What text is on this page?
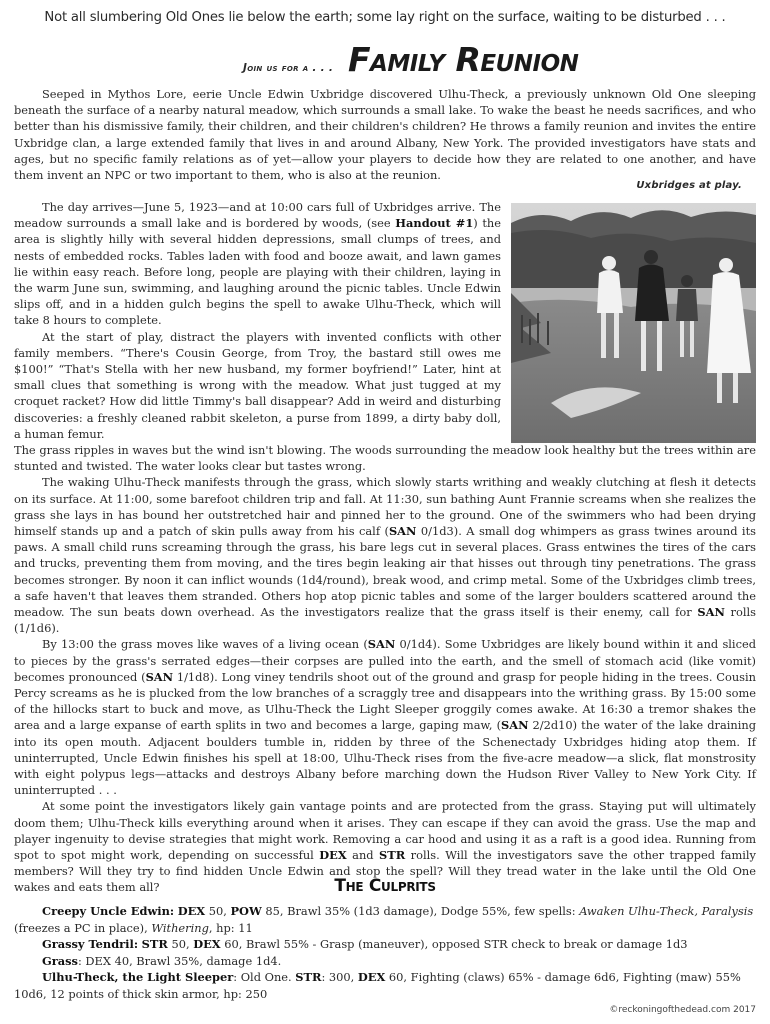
Not all slumbering Old Ones lie below the earth; some lay right on the surface, waiting to be disturbed . . .
Join us for a . . . Family Reunion

Seeped in Mythos Lore, eerie Uncle Edwin Uxbridge discovered Ulhu-Theck, a previously unknown Old One sleeping beneath the surface of a nearby natural meadow, which surrounds a small lake. To wake the beast he needs sacrifices, and who better than his dismissive family, their children, and their children's children? He throws a family reunion and invites the entire Uxbridge clan, a large extended family that lives in and around Albany, New York. The provided investigators have stats and ages, but no specific family relations as of yet—allow your players to decide how they are related to one another, and have them invent an NPC or two important to them, who is also at the reunion.

Uxbridges at play.

The day arrives—June 5, 1923—and at 10:00 cars full of Uxbridges arrive. The meadow surrounds a small lake and is bordered by woods, (see Handout #1) the area is slightly hilly with several hidden depressions, small clumps of trees, and nests of embedded rocks. Tables laden with food and booze await, and lawn games lie within easy reach. Before long, people are playing with their children, laying in the warm June sun, swimming, and laughing around the picnic tables. Uncle Edwin slips off, and in a hidden gulch begins the spell to awake Ulhu-Theck, which will take 8 hours to complete.

At the start of play, distract the players with invented conflicts with other family members. “There's Cousin George, from Troy, the bastard still owes me $100!” “That's Stella with her new husband, my former boyfriend!” Later, hint at small clues that something is wrong with the meadow. What just tugged at my croquet racket? How did little Timmy's ball disappear? Add in weird and disturbing discoveries: a freshly cleaned rabbit skeleton, a purse from 1899, a dirty baby doll, a human femur.

The grass ripples in waves but the wind isn't blowing. The woods surrounding the meadow look healthy but the trees within are stunted and twisted. The water looks clear but tastes wrong.

The waking Ulhu-Theck manifests through the grass, which slowly starts writhing and weakly clutching at flesh it detects on its surface. At 11:00, some barefoot children trip and fall. At 11:30, sun bathing Aunt Frannie screams when she realizes the grass she lays in has bound her outstretched hair and pinned her to the ground. One of the swimmers who had been drying himself stands up and a patch of skin pulls away from his calf (SAN 0/1d3). A small dog whimpers as grass twines around its paws. A small child runs screaming through the grass, his bare legs cut in several places. Grass entwines the tires of the cars and trucks, preventing them from moving, and the tires begin leaking air that hisses out through tiny penetrations. The grass becomes stronger. By noon it can inflict wounds (1d4/round), break wood, and crimp metal. Some of the Uxbridges climb trees, a safe haven't that leaves them stranded. Others hop atop picnic tables and some of the larger boulders scattered around the meadow. The sun beats down overhead. As the investigators realize that the grass itself is their enemy, call for SAN rolls (1/1d6).

By 13:00 the grass moves like waves of a living ocean (SAN 0/1d4). Some Uxbridges are likely bound within it and sliced to pieces by the grass's serrated edges—their corpses are pulled into the earth, and the smell of stomach acid (like vomit) becomes pronounced (SAN 1/1d8). Long viney tendrils shoot out of the ground and grasp for people hiding in the trees. Cousin Percy screams as he is plucked from the low branches of a scraggly tree and disappears into the writhing grass. By 15:00 some of the hillocks start to buck and move, as Ulhu-Theck the Light Sleeper groggily comes awake. At 16:30 a tremor shakes the area and a large expanse of earth splits in two and becomes a large, gaping maw, (SAN 2/2d10) the water of the lake draining into its open mouth. Adjacent boulders tumble in, ridden by three of the Schenectady Uxbridges hiding atop them. If uninterrupted, Uncle Edwin finishes his spell at 18:00, Ulhu-Theck rises from the five-acre meadow—a slick, flat monstrosity with eight polypus legs—attacks and destroys Albany before marching down the Hudson River Valley to New York City. If uninterrupted . . .

At some point the investigators likely gain vantage points and are protected from the grass. Staying put will ultimately doom them; Ulhu-Theck kills everything around when it arises. They can escape if they can avoid the grass. Use the map and player ingenuity to devise strategies that might work. Removing a car hood and using it as a raft is a good idea. Running from spot to spot might work, depending on successful DEX and STR rolls. Will the investigators save the other trapped family members? Will they try to find hidden Uncle Edwin and stop the spell? Will they tread water in the lake until the Old One wakes and eats them all?	The Culprits

Creepy Uncle Edwin: DEX 50, POW 85, Brawl 35% (1d3 damage), Dodge 55%, few spells: Awaken Ulhu-Theck, Paralysis (freezes a PC in place), Withering, hp: 11

Grassy Tendril: STR 50, DEX 60, Brawl 55% - Grasp (maneuver), opposed STR check to break or damage 1d3

Grass: DEX 40, Brawl 35%, damage 1d4.

Ulhu-Theck, the Light Sleeper: Old One. STR: 300, DEX 60, Fighting (claws) 65% - damage 6d6, Fighting (maw) 55% 10d6, 12 points of thick skin armor, hp: 250

©reckoningofthedead.com 2017
